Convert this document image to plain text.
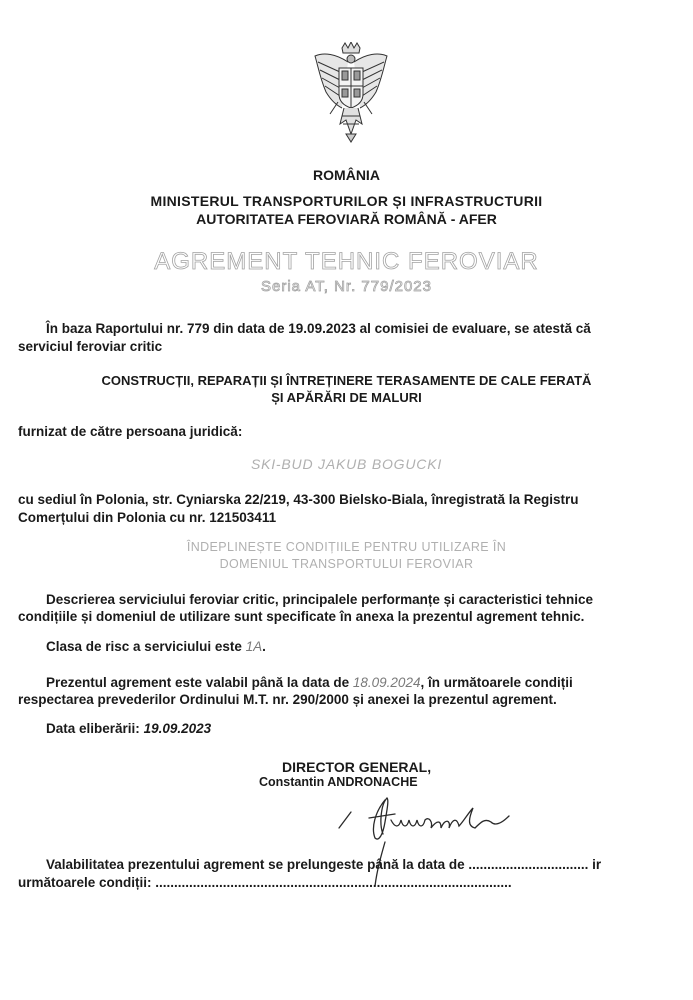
ROMÂNIA
MINISTERUL TRANSPORTURILOR ȘI INFRASTRUCTURII
AUTORITATEA FEROVIARĂ ROMÂNĂ - AFER
AGREMENT TEHNIC FEROVIAR
Seria AT, Nr. 779/2023
În baza Raportului nr. 779 din data de 19.09.2023 al comisiei de evaluare, se atestă că
serviciul feroviar critic
CONSTRUCȚII, REPARAȚII ȘI ÎNTREȚINERE TERASAMENTE DE CALE FERATĂ
ȘI APĂRĂRI DE MALURI
furnizat de către persoana juridică:
SKI-BUD JAKUB BOGUCKI
cu sediul în Polonia, str. Cyniarska 22/219, 43-300 Bielsko-Biala, înregistrată la Registru
Comerțului din Polonia cu nr. 121503411
ÎNDEPLINEȘTE CONDIȚIILE PENTRU UTILIZARE ÎN
DOMENIUL TRANSPORTULUI FEROVIAR
Descrierea serviciului feroviar critic, principalele performanțe și caracteristici tehnice
condițiile și domeniul de utilizare sunt specificate în anexa la prezentul agrement tehnic.
Clasa de risc a serviciului este 1A.
Prezentul agrement este valabil până la data de 18.09.2024, în următoarele condiții
respectarea prevederilor Ordinului M.T. nr. 290/2000 și anexei la prezentul agrement.
Data eliberării: 19.09.2023
DIRECTOR GENERAL,
Constantin ANDRONACHE
Valabilitatea prezentului agrement se prelungeste până la data de ................................ ir
următoarele condiții: ...............................................................................................
